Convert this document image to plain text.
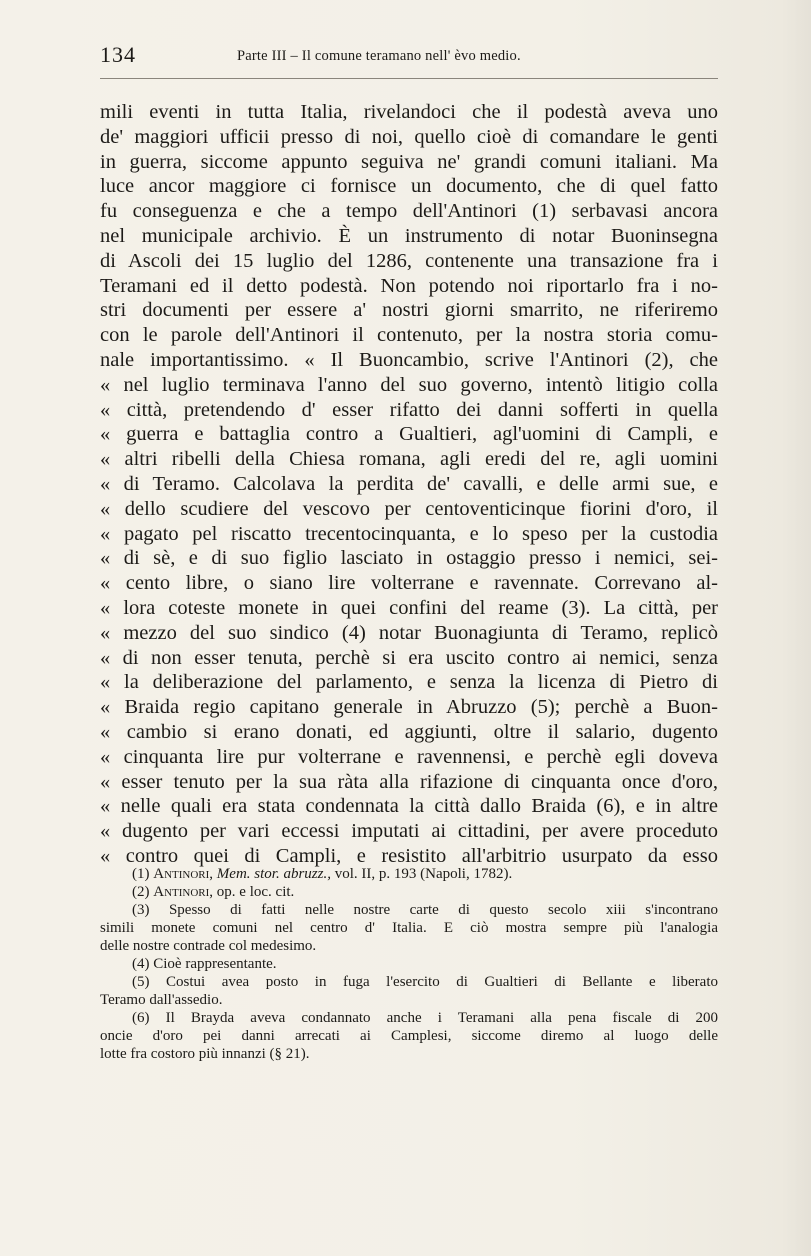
134	Parte III – Il comune teramano nell' èvo medio.
mili eventi in tutta Italia, rivelandoci che il podestà aveva uno
de' maggiori ufficii presso di noi, quello cioè di comandare le genti
in guerra, siccome appunto seguiva ne' grandi comuni italiani. Ma
luce ancor maggiore ci fornisce un documento, che di quel fatto
fu conseguenza e che a tempo dell'Antinori (1) serbavasi ancora
nel municipale archivio. È un instrumento di notar Buoninsegna
di Ascoli dei 15 luglio del 1286, contenente una transazione fra i
Teramani ed il detto podestà. Non potendo noi riportarlo fra i no-
stri documenti per essere a' nostri giorni smarrito, ne riferiremo
con le parole dell'Antinori il contenuto, per la nostra storia comu-
nale importantissimo. « Il Buoncambio, scrive l'Antinori (2), che
« nel luglio terminava l'anno del suo governo, intentò litigio colla
« città, pretendendo d' esser rifatto dei danni sofferti in quella
« guerra e battaglia contro a Gualtieri, agl'uomini di Campli, e
« altri ribelli della Chiesa romana, agli eredi del re, agli uomini
« di Teramo. Calcolava la perdita de' cavalli, e delle armi sue, e
« dello scudiere del vescovo per centoventicinque fiorini d'oro, il
« pagato pel riscatto trecentocinquanta, e lo speso per la custodia
« di sè, e di suo figlio lasciato in ostaggio presso i nemici, sei-
« cento libre, o siano lire volterrane e ravennate. Correvano al-
« lora coteste monete in quei confini del reame (3). La città, per
« mezzo del suo sindico (4) notar Buonagiunta di Teramo, replicò
« di non esser tenuta, perchè si era uscito contro ai nemici, senza
« la deliberazione del parlamento, e senza la licenza di Pietro di
« Braida regio capitano generale in Abruzzo (5); perchè a Buon-
« cambio si erano donati, ed aggiunti, oltre il salario, dugento
« cinquanta lire pur volterrane e ravennensi, e perchè egli doveva
« esser tenuto per la sua ràta alla rifazione di cinquanta once d'oro,
« nelle quali era stata condennata la città dallo Braida (6), e in altre
« dugento per vari eccessi imputati ai cittadini, per avere proceduto
« contro quei di Campli, e resistito all'arbitrio usurpato da esso
(1) Antinori, Mem. stor. abruzz., vol. II, p. 193 (Napoli, 1782).
(2) Antinori, op. e loc. cit.
(3) Spesso di fatti nelle nostre carte di questo secolo xiii s'incontrano
simili monete comuni nel centro d' Italia. E ciò mostra sempre più l'analogia
delle nostre contrade col medesimo.
(4) Cioè rappresentante.
(5) Costui avea posto in fuga l'esercito di Gualtieri di Bellante e liberato
Teramo dall'assedio.
(6) Il Brayda aveva condannato anche i Teramani alla pena fiscale di 200
oncie d'oro pei danni arrecati ai Camplesi, siccome diremo al luogo delle
lotte fra costoro più innanzi (§ 21).
